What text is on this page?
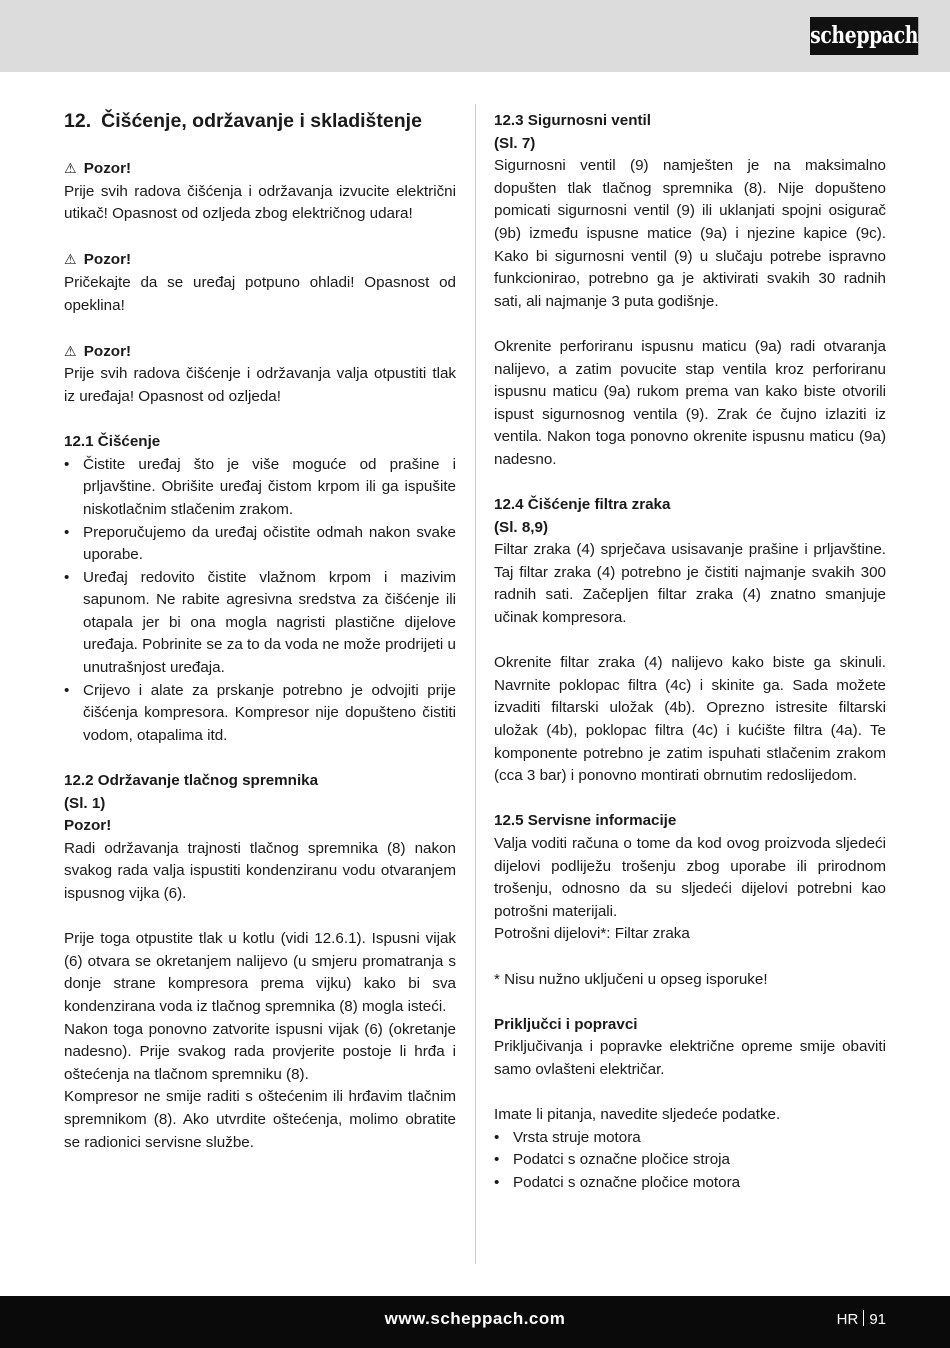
scheppach
12. Čišćenje, održavanje i skladištenje
⚠ Pozor!

Prije svih radova čišćenja i održavanja izvucite električni utikač! Opasnost od ozljeda zbog električnog udara!

⚠ Pozor!

Pričekajte da se uređaj potpuno ohladi! Opasnost od opeklina!

⚠ Pozor!

Prije svih radova čišćenje i održavanja valja otpustiti tlak iz uređaja! Opasnost od ozljeda!

12.1 Čišćenje
• Čistite uređaj što je više moguće od prašine i prljavštine. Obrišite uređaj čistom krpom ili ga ispušite niskotlačnim stlačenim zrakom.
• Preporučujemo da uređaj očistite odmah nakon svake uporabe.
• Uređaj redovito čistite vlažnom krpom i mazivim sapunom. Ne rabite agresivna sredstva za čišćenje ili otapala jer bi ona mogla nagristi plastične dijelove uređaja. Pobrinite se za to da voda ne može prodrijeti u unutrašnjost uređaja.
• Crijevo i alate za prskanje potrebno je odvojiti prije čišćenja kompresora. Kompresor nije dopušteno čistiti vodom, otapalima itd.
12.2 Održavanje tlačnog spremnika
(Sl. 1)
Pozor!

Radi održavanja trajnosti tlačnog spremnika (8) nakon svakog rada valja ispustiti kondenziranu vodu otvaranjem ispusnog vijka (6).

Prije toga otpustite tlak u kotlu (vidi 12.6.1). Ispusni vijak (6) otvara se okretanjem nalijevo (u smjeru promatranja s donje strane kompresora prema vijku) kako bi sva kondenzirana voda iz tlačnog spremnika (8) mogla isteći.

Nakon toga ponovno zatvorite ispusni vijak (6) (okretanje nadesno). Prije svakog rada provjerite postoje li hrđa i oštećenja na tlačnom spremniku (8).

Kompresor ne smije raditi s oštećenim ili hrđavim tlačnim spremnikom (8). Ako utvrdite oštećenja, molimo obratite se radionici servisne službe.

12.3 Sigurnosni ventil
(Sl. 7)

Sigurnosni ventil (9) namješten je na maksimalno dopušten tlak tlačnog spremnika (8). Nije dopušteno pomicati sigurnosni ventil (9) ili uklanjati spojni osigurač (9b) između ispusne matice (9a) i njezine kapice (9c). Kako bi sigurnosni ventil (9) u slučaju potrebe ispravno funkcionirao, potrebno ga je aktivirati svakih 30 radnih sati, ali najmanje 3 puta godišnje.

Okrenite perforiranu ispusnu maticu (9a) radi otvaranja nalijevo, a zatim povucite stap ventila kroz perforiranu ispusnu maticu (9a) rukom prema van kako biste otvorili ispust sigurnosnog ventila (9). Zrak će čujno izlaziti iz ventila. Nakon toga ponovno okrenite ispusnu maticu (9a) nadesno.

12.4 Čišćenje filtra zraka
(Sl. 8,9)

Filtar zraka (4) sprječava usisavanje prašine i prljavštine. Taj filtar zraka (4) potrebno je čistiti najmanje svakih 300 radnih sati. Začepljen filtar zraka (4) znatno smanjuje učinak kompresora.

Okrenite filtar zraka (4) nalijevo kako biste ga skinuli. Navrnite poklopac filtra (4c) i skinite ga. Sada možete izvaditi filtarski uložak (4b). Oprezno istresite filtarski uložak (4b), poklopac filtra (4c) i kućište filtra (4a). Te komponente potrebno je zatim ispuhati stlačenim zrakom (cca 3 bar) i ponovno montirati obrnutim redoslijedom.

12.5 Servisne informacije

Valja voditi računa o tome da kod ovog proizvoda sljedeći dijelovi podliježu trošenju zbog uporabe ili prirodnom trošenju, odnosno da su sljedeći dijelovi potrebni kao potrošni materijali.

Potrošni dijelovi*: Filtar zraka

* Nisu nužno uključeni u opseg isporuke!

Priključci i popravci

Priključivanja i popravke električne opreme smije obaviti samo ovlašteni električar.

Imate li pitanja, navedite sljedeće podatke.

• Vrsta struje motora
• Podatci s označne pločice stroja
• Podatci s označne pločice motora
www.scheppach.com	HR 91
